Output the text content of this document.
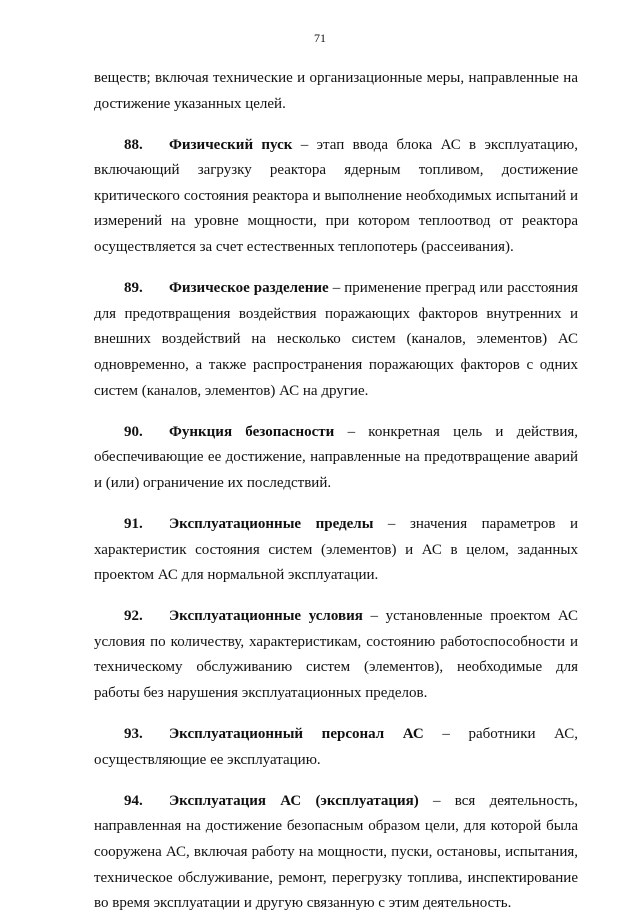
71
веществ; включая технические и организационные меры, направленные на
достижение указанных целей.
88. Физический пуск – этап ввода блока АС в эксплуатацию,
включающий загрузку реактора ядерным топливом, достижение
критического состояния реактора и выполнение необходимых испытаний и
измерений на уровне мощности, при котором теплоотвод от реактора
осуществляется за счет естественных теплопотерь (рассеивания).
89. Физическое разделение – применение преград или расстояния
для предотвращения воздействия поражающих факторов внутренних и
внешних воздействий на несколько систем (каналов, элементов) АС
одновременно, а также распространения поражающих факторов с одних
систем (каналов, элементов) АС на другие.
90. Функция безопасности – конкретная цель и действия,
обеспечивающие ее достижение, направленные на предотвращение аварий
и (или) ограничение их последствий.
91. Эксплуатационные пределы – значения параметров и
характеристик состояния систем (элементов) и АС в целом, заданных
проектом АС для нормальной эксплуатации.
92. Эксплуатационные условия – установленные проектом АС
условия по количеству, характеристикам, состоянию работоспособности и
техническому обслуживанию систем (элементов), необходимые для
работы без нарушения эксплуатационных пределов.
93. Эксплуатационный персонал АС – работники АС,
осуществляющие ее эксплуатацию.
94. Эксплуатация АС (эксплуатация) – вся деятельность,
направленная на достижение безопасным образом цели, для которой была
сооружена АС, включая работу на мощности, пуски, остановы, испытания,
техническое обслуживание, ремонт, перегрузку топлива, инспектирование
во время эксплуатации и другую связанную с этим деятельность.
